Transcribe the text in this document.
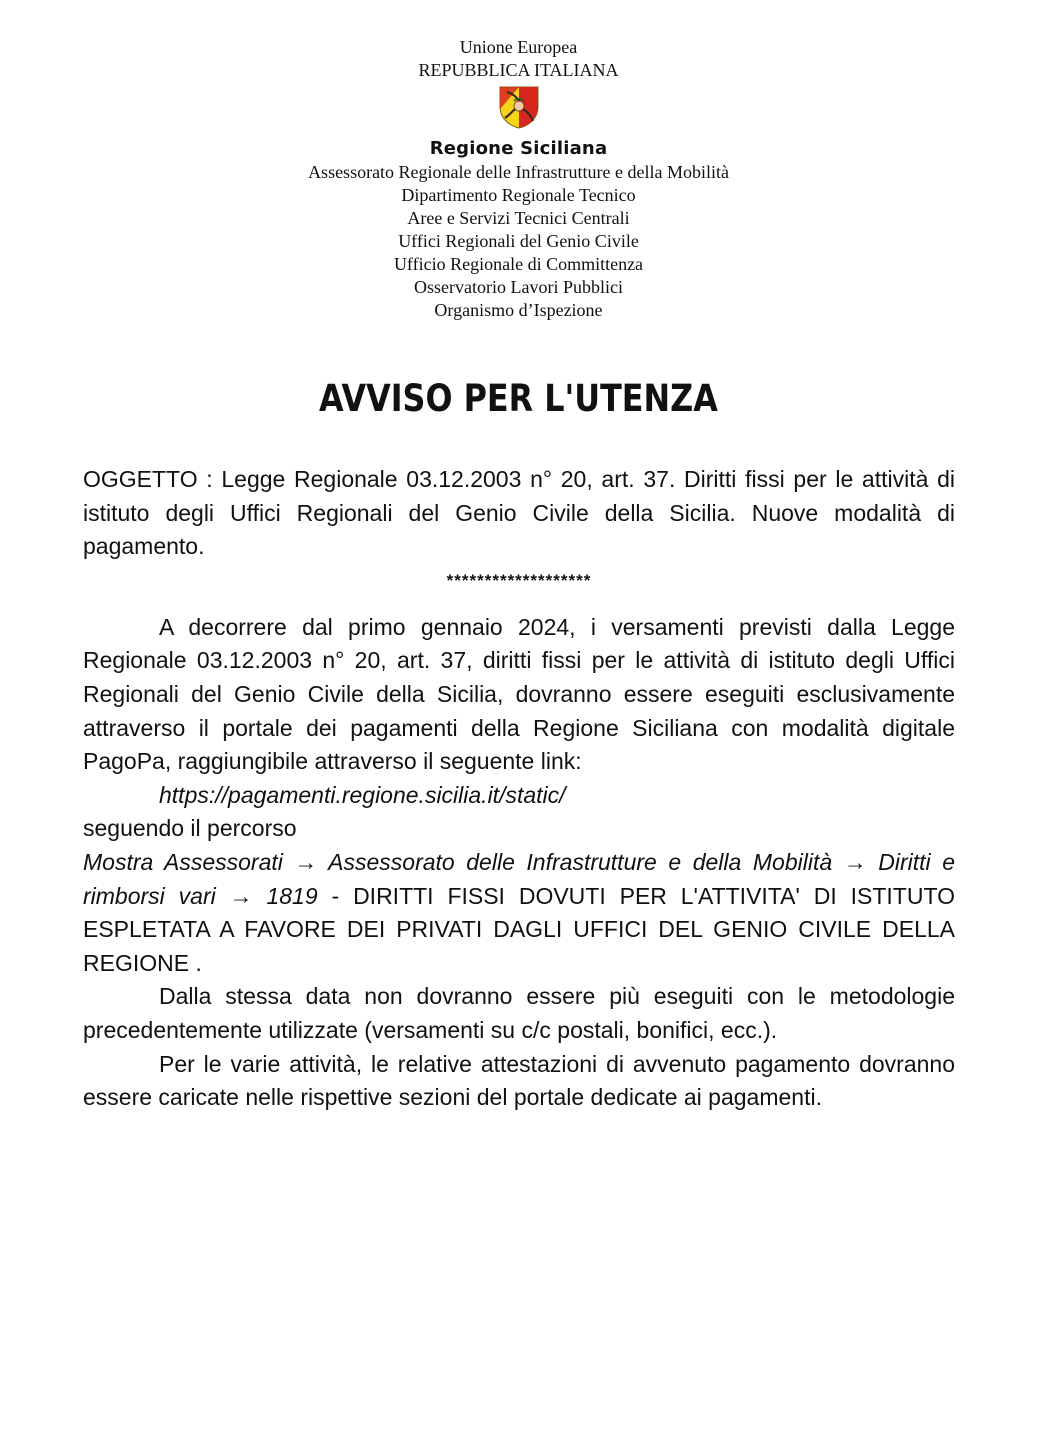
Unione Europea
REPUBBLICA ITALIANA
Regione Siciliana
Assessorato Regionale delle Infrastrutture e della Mobilità
Dipartimento Regionale Tecnico
Aree e Servizi Tecnici Centrali
Uffici Regionali del Genio Civile
Ufficio Regionale di Committenza
Osservatorio Lavori Pubblici
Organismo d’Ispezione
AVVISO PER L'UTENZA

OGGETTO : Legge Regionale 03.12.2003 n° 20, art. 37. Diritti fissi per le attività di istituto degli Uffici Regionali del Genio Civile della Sicilia. Nuove modalità di pagamento.

*******************

A decorrere dal primo gennaio 2024, i versamenti previsti dalla Legge Regionale 03.12.2003 n° 20, art. 37, diritti fissi per le attività di istituto degli Uffici Regionali del Genio Civile della Sicilia, dovranno essere eseguiti esclusivamente attraverso il portale dei pagamenti della Regione Siciliana con modalità digitale PagoPa, raggiungibile attraverso il seguente link:
https://pagamenti.regione.sicilia.it/static/

seguendo il percorso

Mostra Assessorati → Assessorato delle Infrastrutture e della Mobilità → Diritti e rimborsi vari → 1819 - DIRITTI FISSI DOVUTI PER L'ATTIVITA' DI ISTITUTO ESPLETATA A FAVORE DEI PRIVATI DAGLI UFFICI DEL GENIO CIVILE DELLA REGIONE .

Dalla stessa data non dovranno essere più eseguiti con le metodologie precedentemente utilizzate (versamenti su c/c postali, bonifici, ecc.).

Per le varie attività, le relative attestazioni di avvenuto pagamento dovranno essere caricate nelle rispettive sezioni del portale dedicate ai pagamenti.
